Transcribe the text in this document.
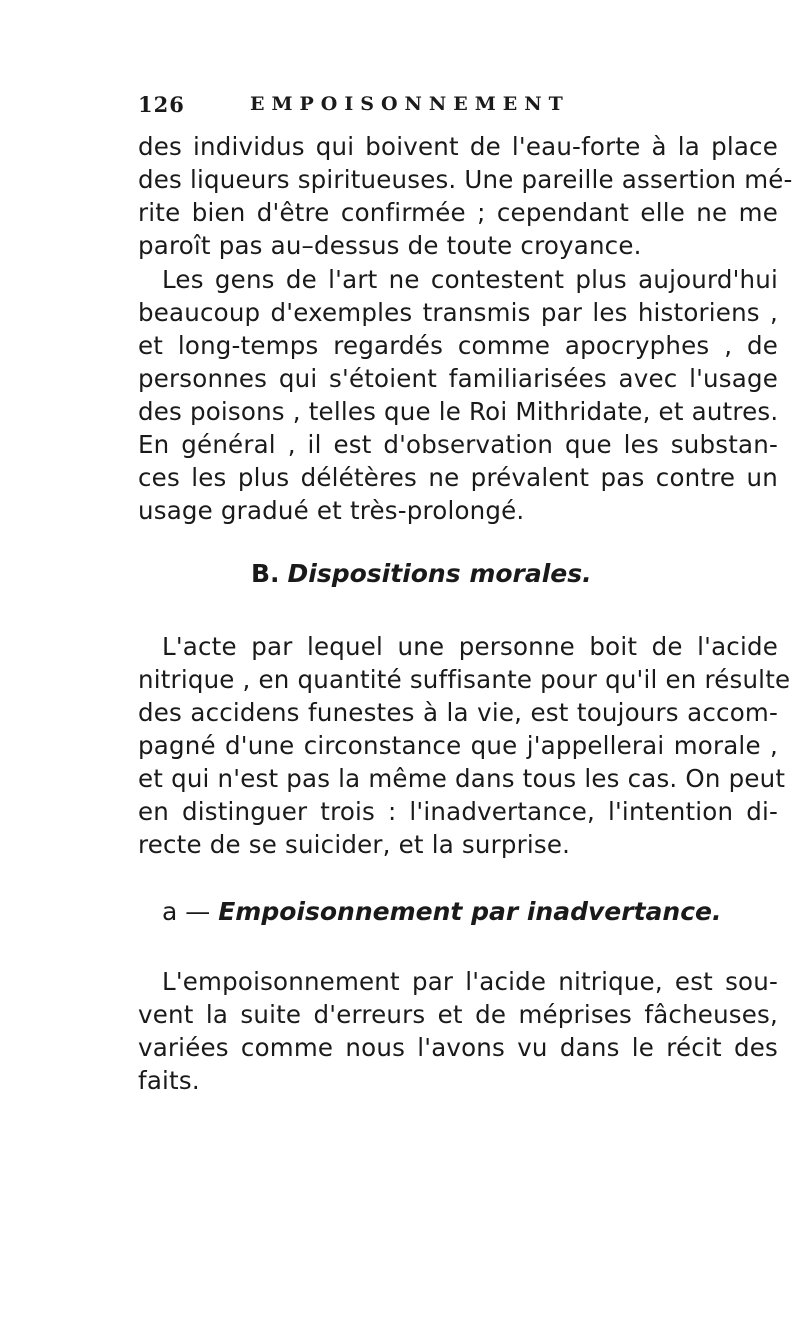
126	EMPOISONNEMENT
des individus qui boivent de l'eau-forte à la place
des liqueurs spiritueuses. Une pareille assertion mé-
rite bien d'être confirmée ; cependant elle ne me
paroît pas au–dessus de toute croyance.
Les gens de l'art ne contestent plus aujourd'hui
beaucoup d'exemples transmis par les historiens ,
et long-temps regardés comme apocryphes , de
personnes qui s'étoient familiarisées avec l'usage
des poisons , telles que le Roi Mithridate, et autres.
En général , il est d'observation que les substan-
ces les plus délétères ne prévalent pas contre un
usage gradué et très-prolongé.
B. Dispositions morales.
L'acte par lequel une personne boit de l'acide
nitrique , en quantité suffisante pour qu'il en résulte
des accidens funestes à la vie, est toujours accom-
pagné d'une circonstance que j'appellerai morale ,
et qui n'est pas la même dans tous les cas. On peut
en distinguer trois : l'inadvertance, l'intention di-
recte de se suicider, et la surprise.
a — Empoisonnement par inadvertance.
L'empoisonnement par l'acide nitrique, est sou-
vent la suite d'erreurs et de méprises fâcheuses,
variées comme nous l'avons vu dans le récit des
faits.
